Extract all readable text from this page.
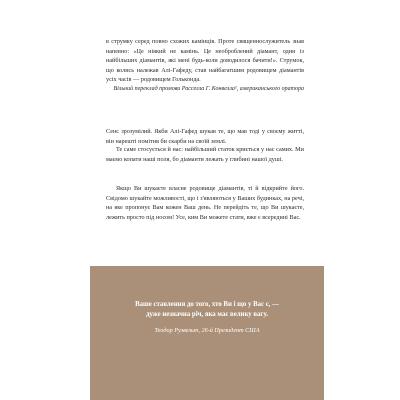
в струмку серед повно схожих камінців. Проте священнослужитель знав напевно: «Це ніякий не камінь. Це необроблений діамант, один із найбільших діамантів, які мені будь-коли доводилося бачити!». Струмок, що колись належав Алі-Гафеду, став найбагатшим родовищем діамантів усіх часів — родовищем Гольконда.

Вільний переклад промови Расселла Г. Конвелла¹, американського оратора

Сенс зрозумілий. Якби Алі-Гафед шукав те, що мав тоді у своєму житті, він нарешті помітив би скарби на своїй землі.

Те саме стосується й нас: найбільший статок криється у нас самих. Ми маємо копати наші поля, бо діаманти лежать у глибині нашої душі.

Якщо Ви шукаєте власне родовище діамантів, ті й відкрийте його. Свідомо шукайте можливості, що і з'являються у Ваших будинках, на речі, на яке пропонує Вам кожен Ваш день. Не перейдіть те, що Ви шукаєте, лежить просто під носом! Усе, ким Ви можете стати, вже є всередині Вас.

Ваше ставлення до того, хто Ви і що у Вас є, —
дуже незначна річ, яка має велику вагу.

Теодор Рузвельт, 26-й Президент США
